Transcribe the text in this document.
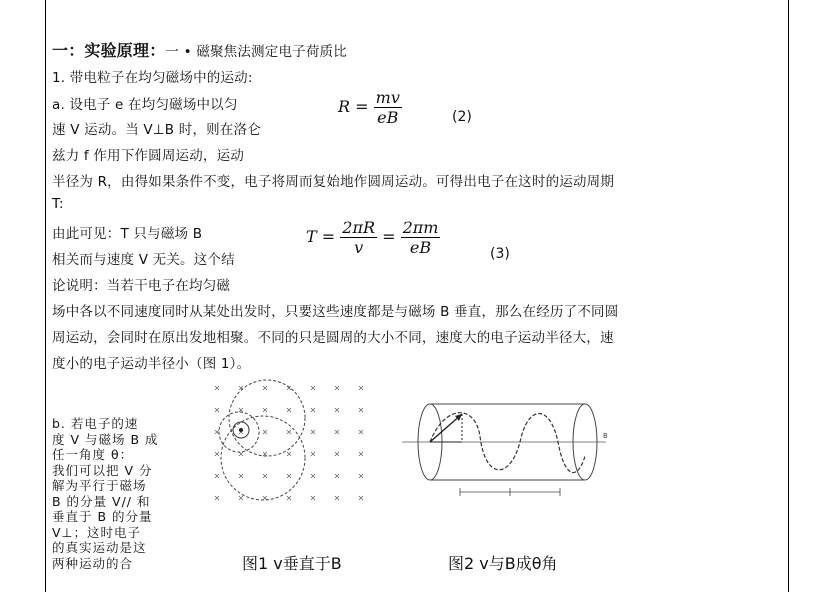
一：实验原理：一 • 磁聚焦法测定电子荷质比
1. 带电粒子在均匀磁场中的运动:
a. 设电子 e 在均匀磁场中以匀
速 V 运动。当 V⊥B 时，则在洛仑
兹力 f 作用下作圆周运动，运动
半径为 R，由得如果条件不变，电子将周而复始地作圆周运动。可得出电子在这时的运动周期
T:
$R = \frac{mv}{eB}$	(2)
由此可见：T 只与磁场 B
相关而与速度 V 无关。这个结
论说明：当若干电子在均匀磁
$T = \frac{2\pi R}{v} = \frac{2\pi m}{eB}$	(3)
场中各以不同速度同时从某处出发时，只要这些速度都是与磁场 B 垂直，那么在经历了不同圆
周运动，会同时在原出发地相聚。不同的只是圆周的大小不同，速度大的电子运动半径大，速
度小的电子运动半径小（图 1）。
b. 若电子的速
度 V 与磁场 B 成
任一角度 θ：
我们可以把 V 分
解为平行于磁场
B 的分量 V// 和
垂直于 B 的分量
V⊥；这时电子
的真实运动是这
两种运动的合
B
图1 v垂直于B	图2 v与B成θ角
